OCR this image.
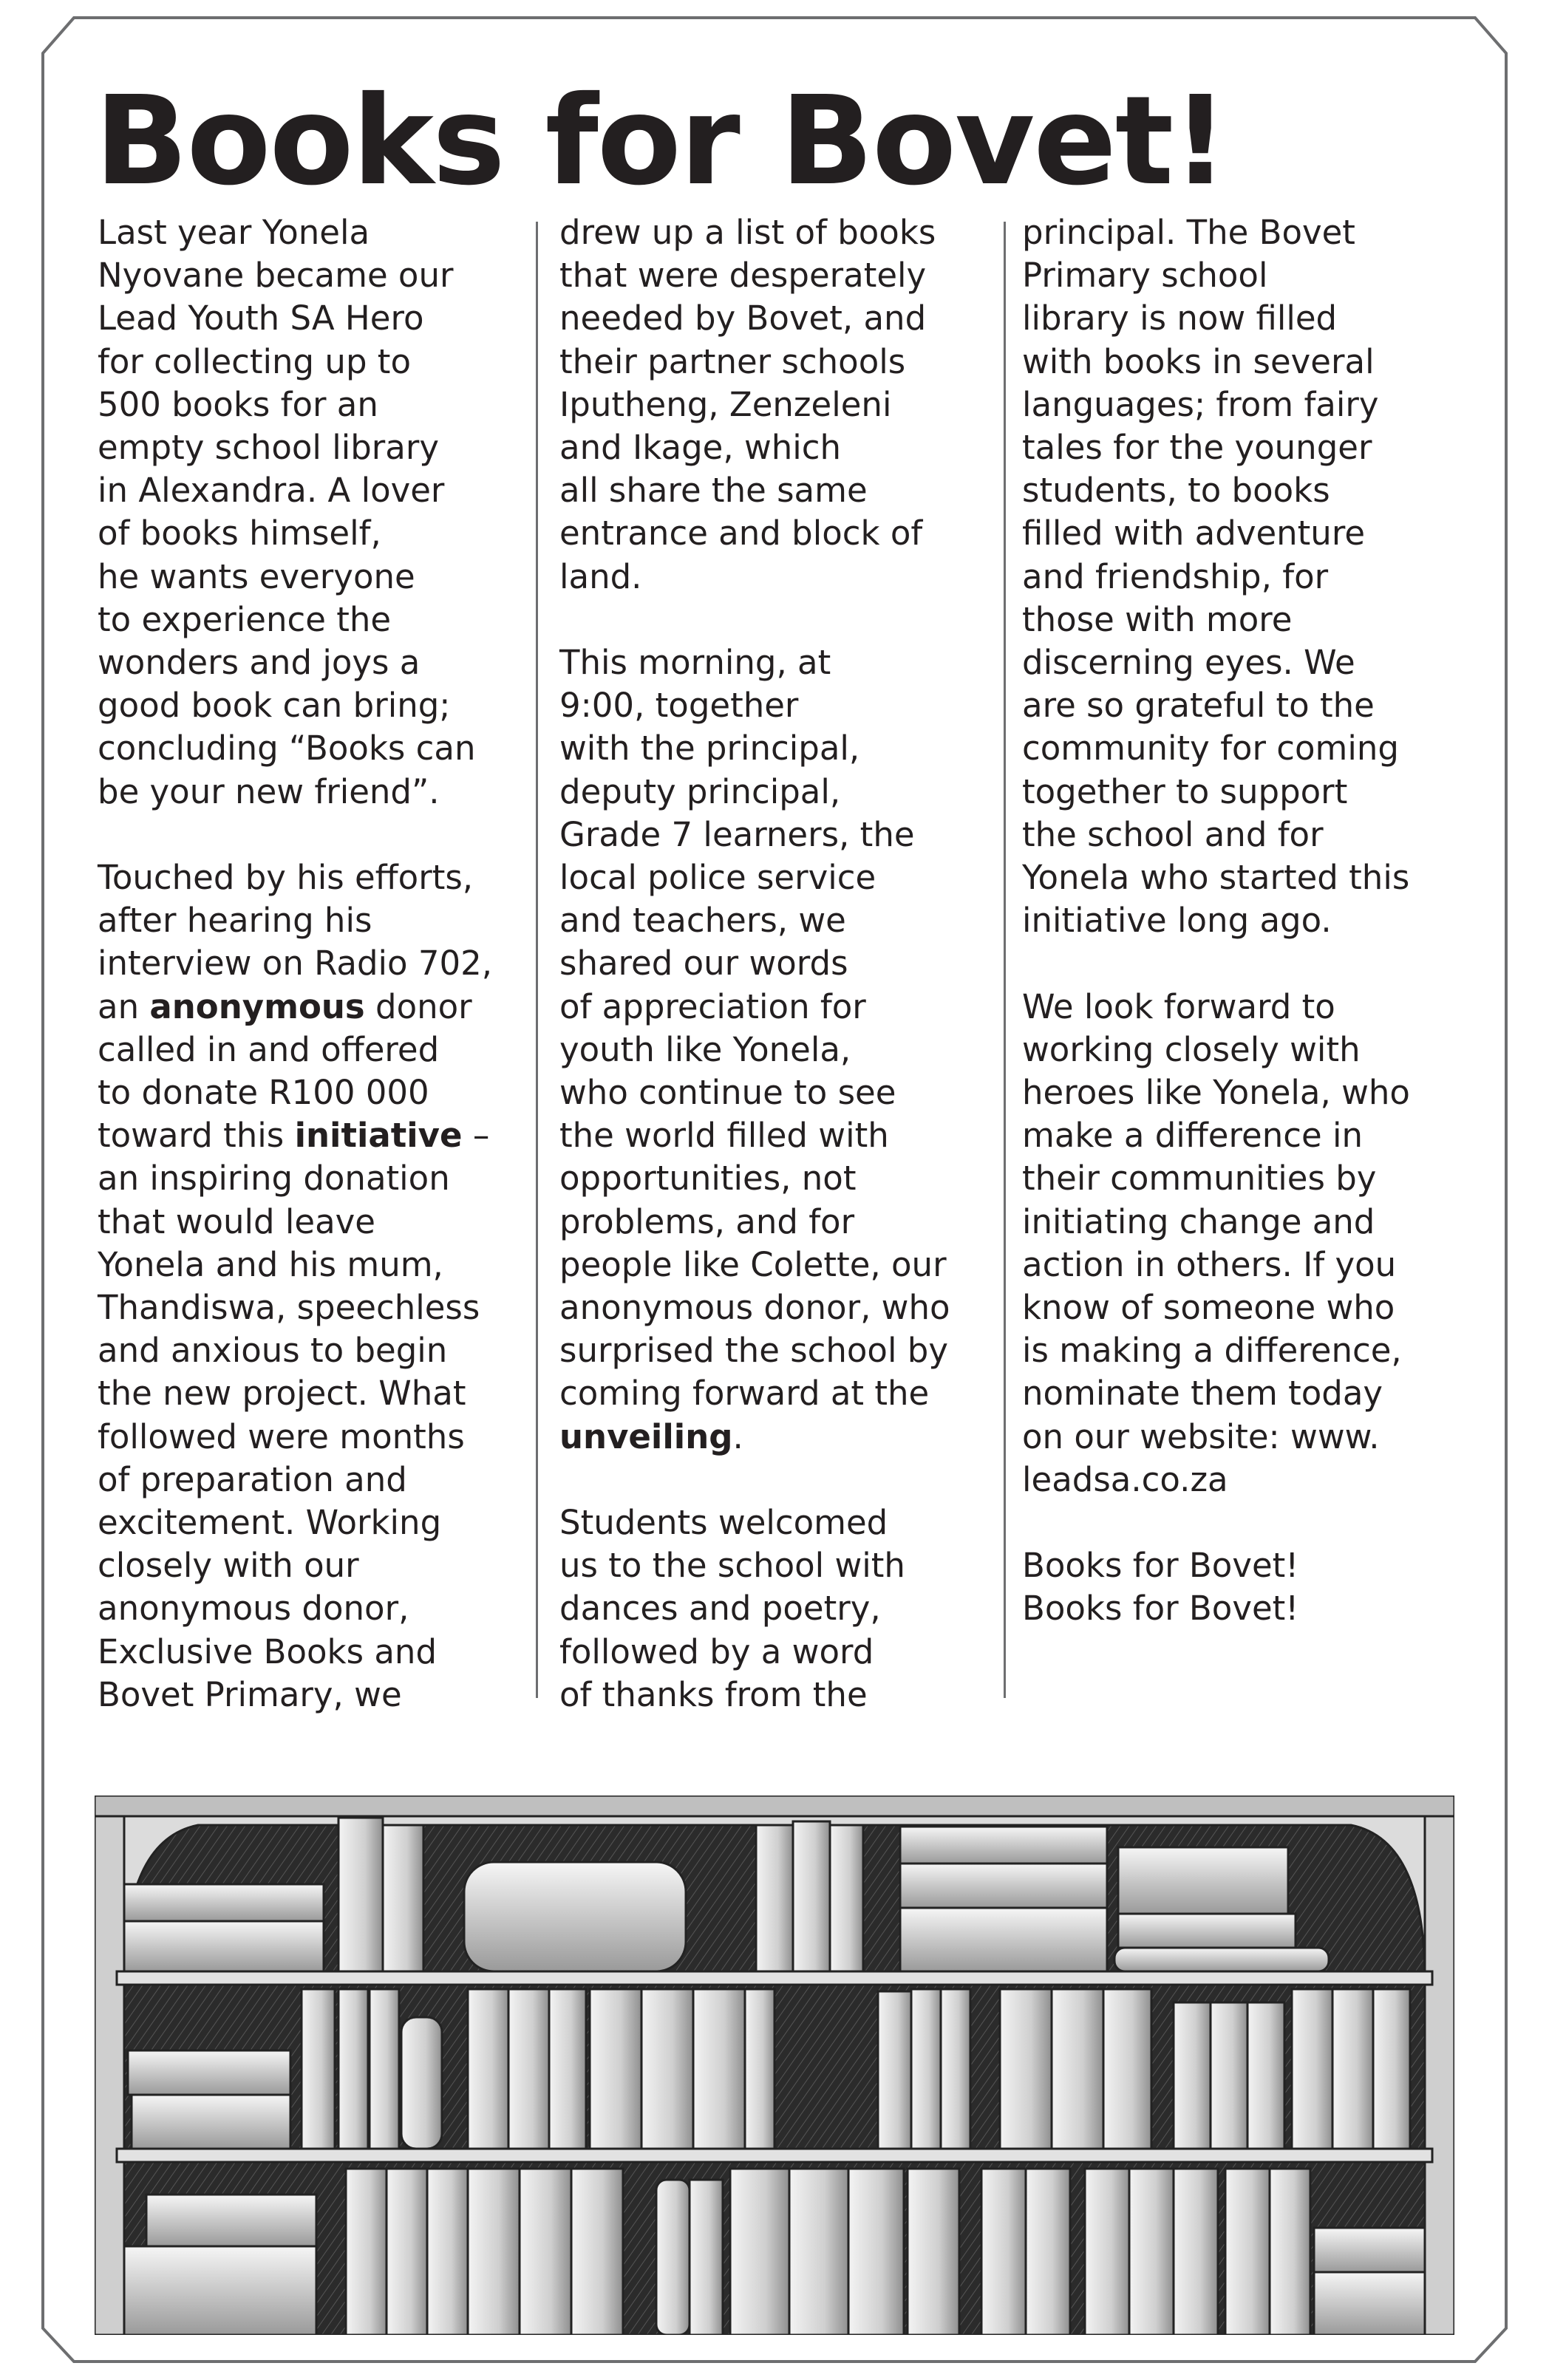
Books for Bovet!

Last year Yonela
Nyovane became our
Lead Youth SA Hero
for collecting up to
500 books for an
empty school library
in Alexandra. A lover
of books himself,
he wants everyone
to experience the
wonders and joys a
good book can bring;
concluding “Books can
be your new friend”.

Touched by his efforts,
after hearing his
interview on Radio 702,
an anonymous donor
called in and offered
to donate R100 000
toward this initiative –
an inspiring donation
that would leave
Yonela and his mum,
Thandiswa, speechless
and anxious to begin
the new project. What
followed were months
of preparation and
excitement. Working
closely with our
anonymous donor,
Exclusive Books and
Bovet Primary, we

drew up a list of books
that were desperately
needed by Bovet, and
their partner schools
Iputheng, Zenzeleni
and Ikage, which
all share the same
entrance and block of
land.

This morning, at
9:00, together
with the principal,
deputy principal,
Grade 7 learners, the
local police service
and teachers, we
shared our words
of appreciation for
youth like Yonela,
who continue to see
the world filled with
opportunities, not
problems, and for
people like Colette, our
anonymous donor, who
surprised the school by
coming forward at the
unveiling.

Students welcomed
us to the school with
dances and poetry,
followed by a word
of thanks from the

principal. The Bovet
Primary school
library is now filled
with books in several
languages; from fairy
tales for the younger
students, to books
filled with adventure
and friendship, for
those with more
discerning eyes. We
are so grateful to the
community for coming
together to support
the school and for
Yonela who started this
initiative long ago.

We look forward to
working closely with
heroes like Yonela, who
make a difference in
their communities by
initiating change and
action in others. If you
know of someone who
is making a difference,
nominate them today
on our website: www.
leadsa.co.za

Books for Bovet!
Books for Bovet!
